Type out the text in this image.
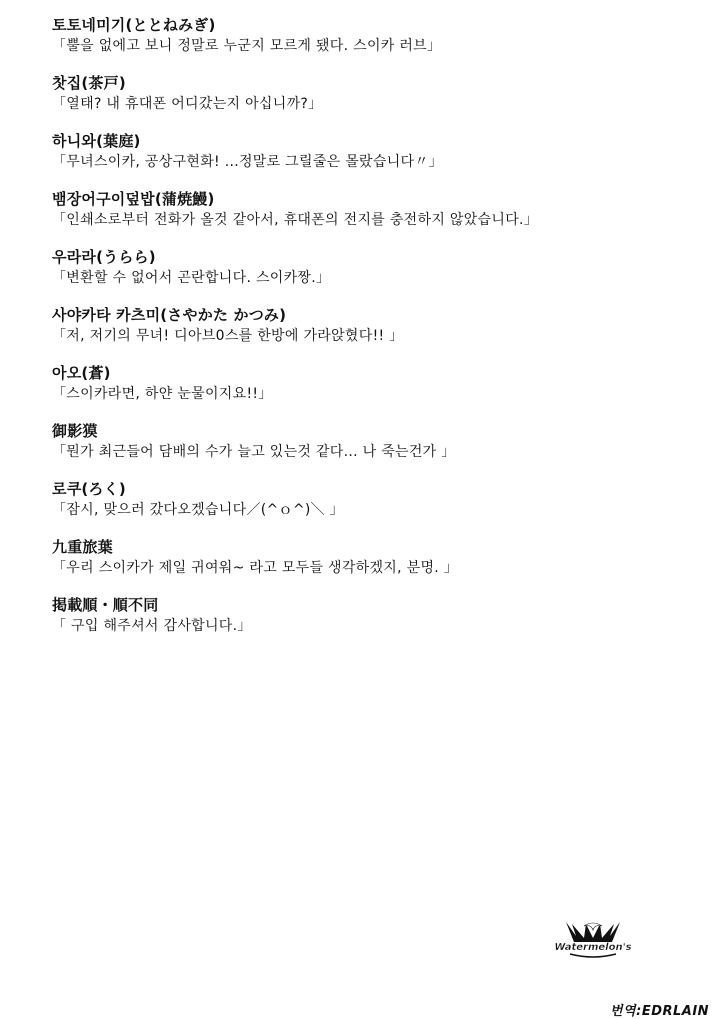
토토네미기(ととねみぎ)
「뿔을 없에고 보니 정말로 누군지 모르게 됐다. 스이카 러브」
찻집(茶戸)
「열태? 내 휴대폰 어디갔는지 아십니까?」
하니와(葉庭)
「무녀스이카, 공상구현화! ...정말로 그릴줄은 몰랐습니다〃」
뱀장어구이덮밥(蒲焼鰻)
「인쇄소로부터 전화가 올것 같아서, 휴대폰의 전지를 충전하지 않았습니다.」
우라라(うらら)
「변환할 수 없어서 곤란합니다. 스이카짱.」
사야카타 카츠미(さやかた かつみ)
「저, 저기의 무녀! 디아브0스를 한방에 가라앉혔다!! 」
아오(蒼)
「스이카라면, 하얀 눈물이지요!!」
御影獏
「뭔가 최근들어 담배의 수가 늘고 있는것 같다... 나 죽는건가 」
로쿠(ろく)
「잠시, 맞으러 갔다오겠습니다／(^ｏ^)＼ 」
九重旅葉
「우리 스이카가 제일 귀여워~ 라고 모두들 생각하겠지, 분명. 」
掲載順・順不同
「 구입 해주셔서 감사합니다.」
Watermelon's
번역:EDRLAIN
